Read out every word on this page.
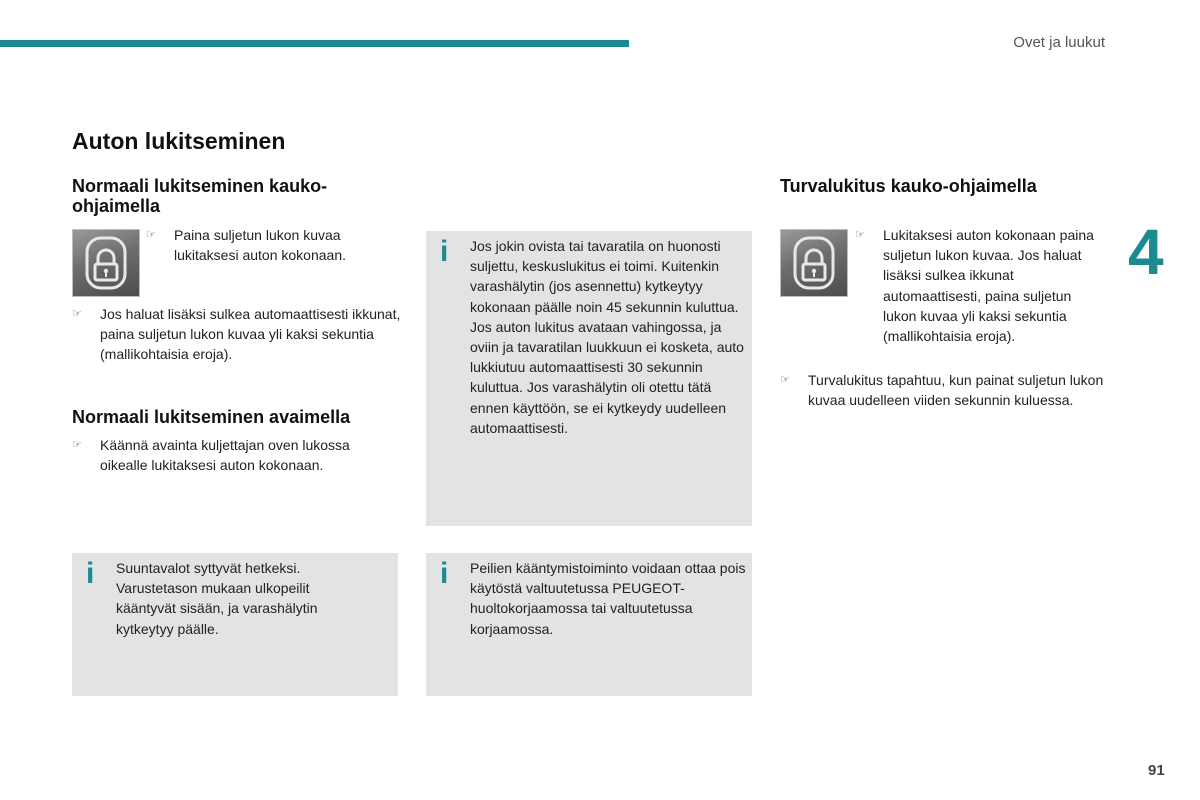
Ovet ja luukut
4
91
Auton lukitseminen
Normaali lukitseminen kauko-ohjaimella
☞	Paina suljetun lukon kuvaa lukitaksesi auton kokonaan.
☞	Jos haluat lisäksi sulkea automaattisesti ikkunat, paina suljetun lukon kuvaa yli kaksi sekuntia (mallikohtaisia eroja).
Normaali lukitseminen avaimella
☞	Käännä avainta kuljettajan oven lukossa oikealle lukitaksesi auton kokonaan.
i Jos jokin ovista tai tavaratila on huonosti suljettu, keskuslukitus ei toimi. Kuitenkin varashälytin (jos asennettu) kytkeytyy kokonaan päälle noin 45 sekunnin kuluttua. Jos auton lukitus avataan vahingossa, ja oviin ja tavaratilan luukkuun ei kosketa, auto lukkiutuu automaattisesti 30 sekunnin kuluttua. Jos varashälytin oli otettu tätä ennen käyttöön, se ei kytkeydy uudelleen automaattisesti.
i Suuntavalot syttyvät hetkeksi. Varustetason mukaan ulkopeilit kääntyvät sisään, ja varashälytin kytkeytyy päälle.
i Peilien kääntymistoiminto voidaan ottaa pois käytöstä valtuutetussa PEUGEOT-huoltokorjaamossa tai valtuutetussa korjaamossa.
Turvalukitus kauko-ohjaimella
☞	Lukitaksesi auton kokonaan paina suljetun lukon kuvaa. Jos haluat lisäksi sulkea ikkunat automaattisesti, paina suljetun lukon kuvaa yli kaksi sekuntia (mallikohtaisia eroja).
☞	Turvalukitus tapahtuu, kun painat suljetun lukon kuvaa uudelleen viiden sekunnin kuluessa.
